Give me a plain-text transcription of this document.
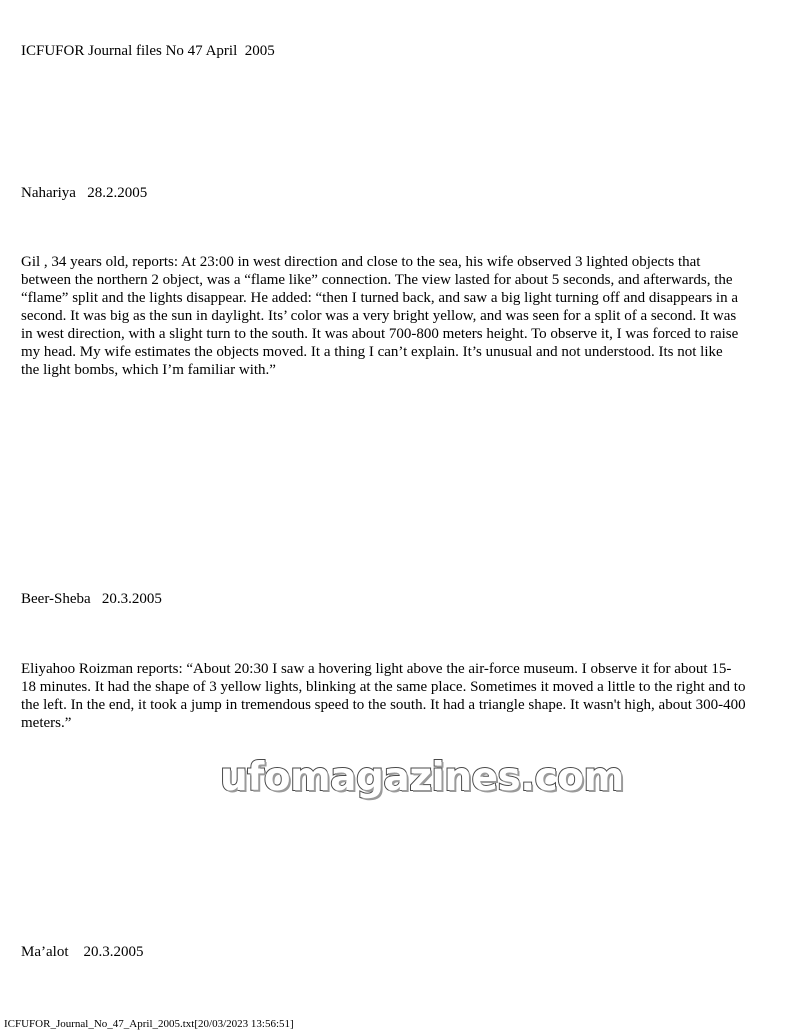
ICFUFOR Journal files No 47 April  2005
Nahariya   28.2.2005
Gil , 34 years old, reports: At 23:00 in west direction and close to the sea, his wife observed 3 lighted objects that
between the northern 2 object, was a “flame like” connection. The view lasted for about 5 seconds, and afterwards, the
“flame” split and the lights disappear. He added: “then I turned back, and saw a big light turning off and disappears in a
second. It was big as the sun in daylight. Its’ color was a very bright yellow, and was seen for a split of a second. It was
in west direction, with a slight turn to the south. It was about 700-800 meters height. To observe it, I was forced to raise
my head. My wife estimates the objects moved. It a thing I can’t explain. It’s unusual and not understood. Its not like
the light bombs, which I’m familiar with.”
Beer-Sheba   20.3.2005
Eliyahoo Roizman reports: “About 20:30 I saw a hovering light above the air-force museum. I observe it for about 15-
18 minutes. It had the shape of 3 yellow lights, blinking at the same place. Sometimes it moved a little to the right and to
the left. In the end, it took a jump in tremendous speed to the south. It had a triangle shape. It wasn't high, about 300-400
meters.”
ufomagazines.com
Ma’alot    20.3.2005
ICFUFOR_Journal_No_47_April_2005.txt[20/03/2023 13:56:51]
